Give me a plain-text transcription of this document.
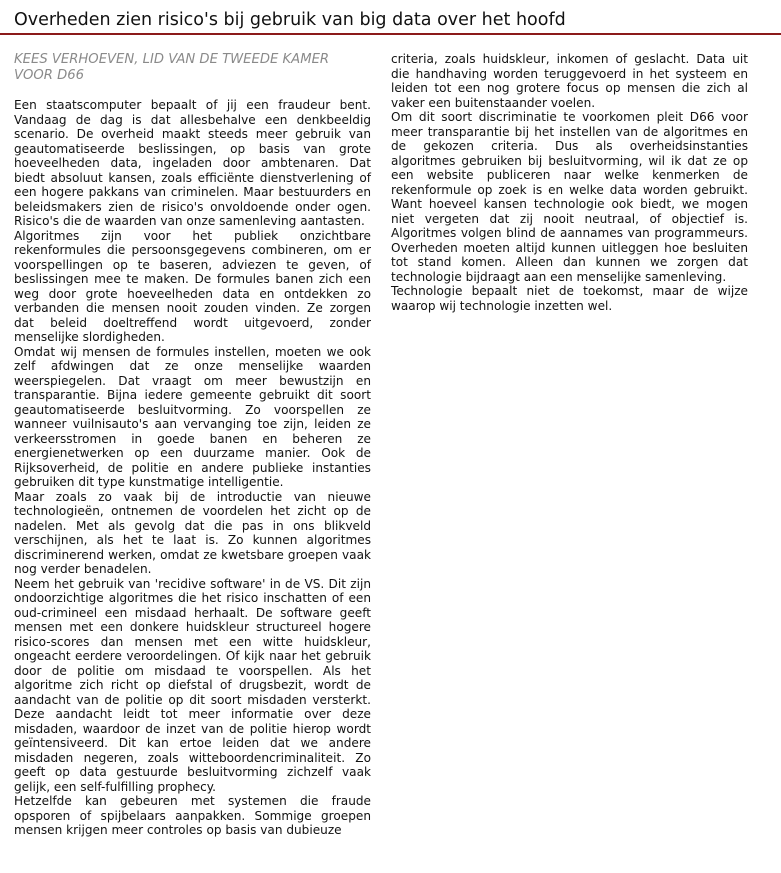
Overheden zien risico's bij gebruik van big data over het hoofd
KEES VERHOEVEN, LID VAN DE TWEEDE KAMER VOOR D66

Een staatscomputer bepaalt of jij een fraudeur bent. Vandaag de dag is dat allesbehalve een denkbeeldig scenario. De overheid maakt steeds meer gebruik van geautomatiseerde beslissingen, op basis van grote hoeveelheden data, ingeladen door ambtenaren. Dat biedt absoluut kansen, zoals efficiënte dienstverlening of een hogere pakkans van criminelen. Maar bestuurders en beleidsmakers zien de risico's onvoldoende onder ogen. Risico's die de waarden van onze samenleving aantasten.

Algoritmes zijn voor het publiek onzichtbare rekenformules die persoonsgegevens combineren, om er voorspellingen op te baseren, adviezen te geven, of beslissingen mee te maken. De formules banen zich een weg door grote hoeveelheden data en ontdekken zo verbanden die mensen nooit zouden vinden. Ze zorgen dat beleid doeltreffend wordt uitgevoerd, zonder menselijke slordigheden.

Omdat wij mensen de formules instellen, moeten we ook zelf afdwingen dat ze onze menselijke waarden weerspiegelen. Dat vraagt om meer bewustzijn en transparantie. Bijna iedere gemeente gebruikt dit soort geautomatiseerde besluitvorming. Zo voorspellen ze wanneer vuilnisauto's aan vervanging toe zijn, leiden ze verkeersstromen in goede banen en beheren ze energienetwerken op een duurzame manier. Ook de Rijksoverheid, de politie en andere publieke instanties gebruiken dit type kunstmatige intelligentie.

Maar zoals zo vaak bij de introductie van nieuwe technologieën, ontnemen de voordelen het zicht op de nadelen. Met als gevolg dat die pas in ons blikveld verschijnen, als het te laat is. Zo kunnen algoritmes discriminerend werken, omdat ze kwetsbare groepen vaak nog verder benadelen.

Neem het gebruik van 'recidive software' in de VS. Dit zijn ondoorzichtige algoritmes die het risico inschatten of een oud-crimineel een misdaad herhaalt. De software geeft mensen met een donkere huidskleur structureel hogere risico-scores dan mensen met een witte huidskleur, ongeacht eerdere veroordelingen. Of kijk naar het gebruik door de politie om misdaad te voorspellen. Als het algoritme zich richt op diefstal of drugsbezit, wordt de aandacht van de politie op dit soort misdaden versterkt. Deze aandacht leidt tot meer informatie over deze misdaden, waardoor de inzet van de politie hierop wordt geïntensiveerd. Dit kan ertoe leiden dat we andere misdaden negeren, zoals witteboordencriminaliteit. Zo geeft op data gestuurde besluitvorming zichzelf vaak gelijk, een self-fulfilling prophecy.

Hetzelfde kan gebeuren met systemen die fraude opsporen of spijbelaars aanpakken. Sommige groepen mensen krijgen meer controles op basis van dubieuze

criteria, zoals huidskleur, inkomen of geslacht. Data uit die handhaving worden teruggevoerd in het systeem en leiden tot een nog grotere focus op mensen die zich al vaker een buitenstaander voelen.

Om dit soort discriminatie te voorkomen pleit D66 voor meer transparantie bij het instellen van de algoritmes en de gekozen criteria. Dus als overheidsinstanties algoritmes gebruiken bij besluitvorming, wil ik dat ze op een website publiceren naar welke kenmerken de rekenformule op zoek is en welke data worden gebruikt. Want hoeveel kansen technologie ook biedt, we mogen niet vergeten dat zij nooit neutraal, of objectief is. Algoritmes volgen blind de aannames van programmeurs. Overheden moeten altijd kunnen uitleggen hoe besluiten tot stand komen. Alleen dan kunnen we zorgen dat technologie bijdraagt aan een menselijke samenleving.

Technologie bepaalt niet de toekomst, maar de wijze waarop wij technologie inzetten wel.
